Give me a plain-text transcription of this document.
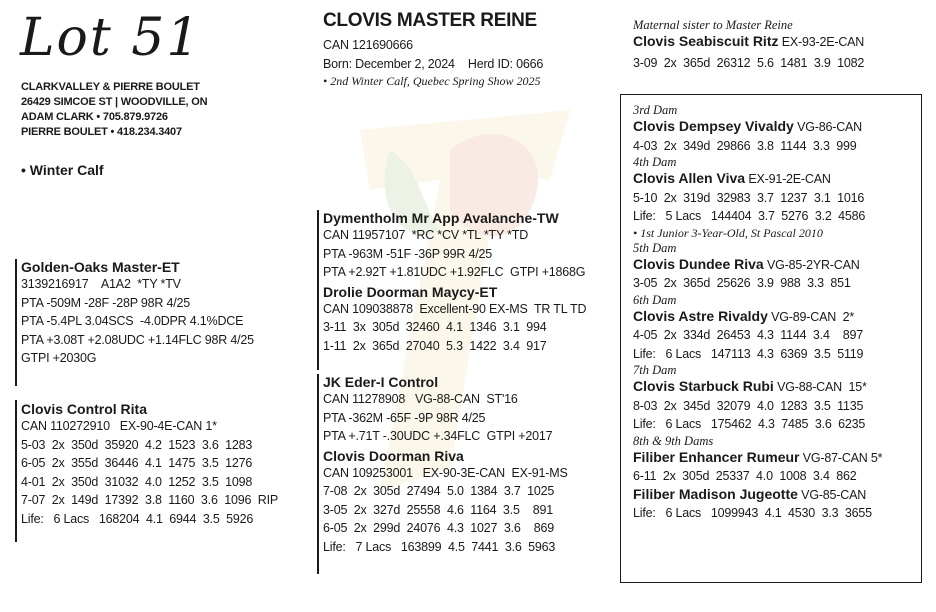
Lot 51
CLARKVALLEY & PIERRE BOULET
26429 SIMCOE ST | WOODVILLE, ON
ADAM CLARK • 705.879.9726
PIERRE BOULET • 418.234.3407
• Winter Calf
CLOVIS MASTER REINE
CAN 121690666
Born: December 2, 2024    Herd ID: 0666
• 2nd Winter Calf, Quebec Spring Show 2025
Golden-Oaks Master-ET
3139216917    A1A2  *TY *TV
PTA -509M -28F -28P 98R 4/25
PTA -5.4PL 3.04SCS  -4.0DPR 4.1%DCE
PTA +3.08T +2.08UDC +1.14FLC 98R 4/25
GTPI +2030G
Clovis Control Rita
CAN 110272910   EX-90-4E-CAN 1*
5-03  2x  350d  35920  4.2  1523  3.6  1283
6-05  2x  355d  36446  4.1  1475  3.5  1276
4-01  2x  350d  31032  4.0  1252  3.5  1098
7-07  2x  149d  17392  3.8  1160  3.6  1096  RIP
Life:   6 Lacs   168204  4.1  6944  3.5  5926
Dymentholm Mr App Avalanche-TW
CAN 11957107  *RC *CV *TL *TY *TD
PTA -963M -51F -36P 99R 4/25
PTA +2.92T +1.81UDC +1.92FLC  GTPI +1868G
Drolie Doorman Maycy-ET
CAN 109038878  Excellent-90 EX-MS  TR TL TD
3-11  3x  305d  32460  4.1  1346  3.1  994
1-11  2x  365d  27040  5.3  1422  3.4  917
JK Eder-I Control
CAN 11278908   VG-88-CAN  ST'16
PTA -362M -65F -9P 98R 4/25
PTA +.71T -.30UDC +.34FLC  GTPI +2017
Clovis Doorman Riva
CAN 109253001   EX-90-3E-CAN  EX-91-MS
7-08  2x  305d  27494  5.0  1384  3.7  1025
3-05  2x  327d  25558  4.6  1164  3.5    891
6-05  2x  299d  24076  4.3  1027  3.6    869
Life:   7 Lacs   163899  4.5  7441  3.6  5963
Maternal sister to Master Reine
Clovis Seabiscuit Ritz EX-93-2E-CAN
3-09  2x  365d  26312  5.6  1481  3.9  1082
3rd Dam
Clovis Dempsey Vivaldy VG-86-CAN
4-03  2x  349d  29866  3.8  1144  3.3  999
4th Dam
Clovis Allen Viva EX-91-2E-CAN
5-10  2x  319d  32983  3.7  1237  3.1  1016
Life:   5 Lacs   144404  3.7  5276  3.2  4586
• 1st Junior 3-Year-Old, St Pascal 2010
5th Dam
Clovis Dundee Riva VG-85-2YR-CAN
3-05  2x  365d  25626  3.9  988  3.3  851
6th Dam
Clovis Astre Rivaldy VG-89-CAN  2*
4-05  2x  334d  26453  4.3  1144  3.4    897
Life:   6 Lacs   147113  4.3  6369  3.5  5119
7th Dam
Clovis Starbuck Rubi VG-88-CAN  15*
8-03  2x  345d  32079  4.0  1283  3.5  1135
Life:   6 Lacs   175462  4.3  7485  3.6  6235
8th & 9th Dams
Filiber Enhancer Rumeur VG-87-CAN 5*
6-11  2x  305d  25337  4.0  1008  3.4  862
Filiber Madison Jugeotte VG-85-CAN
Life:   6 Lacs   1099943  4.1  4530  3.3  3655
